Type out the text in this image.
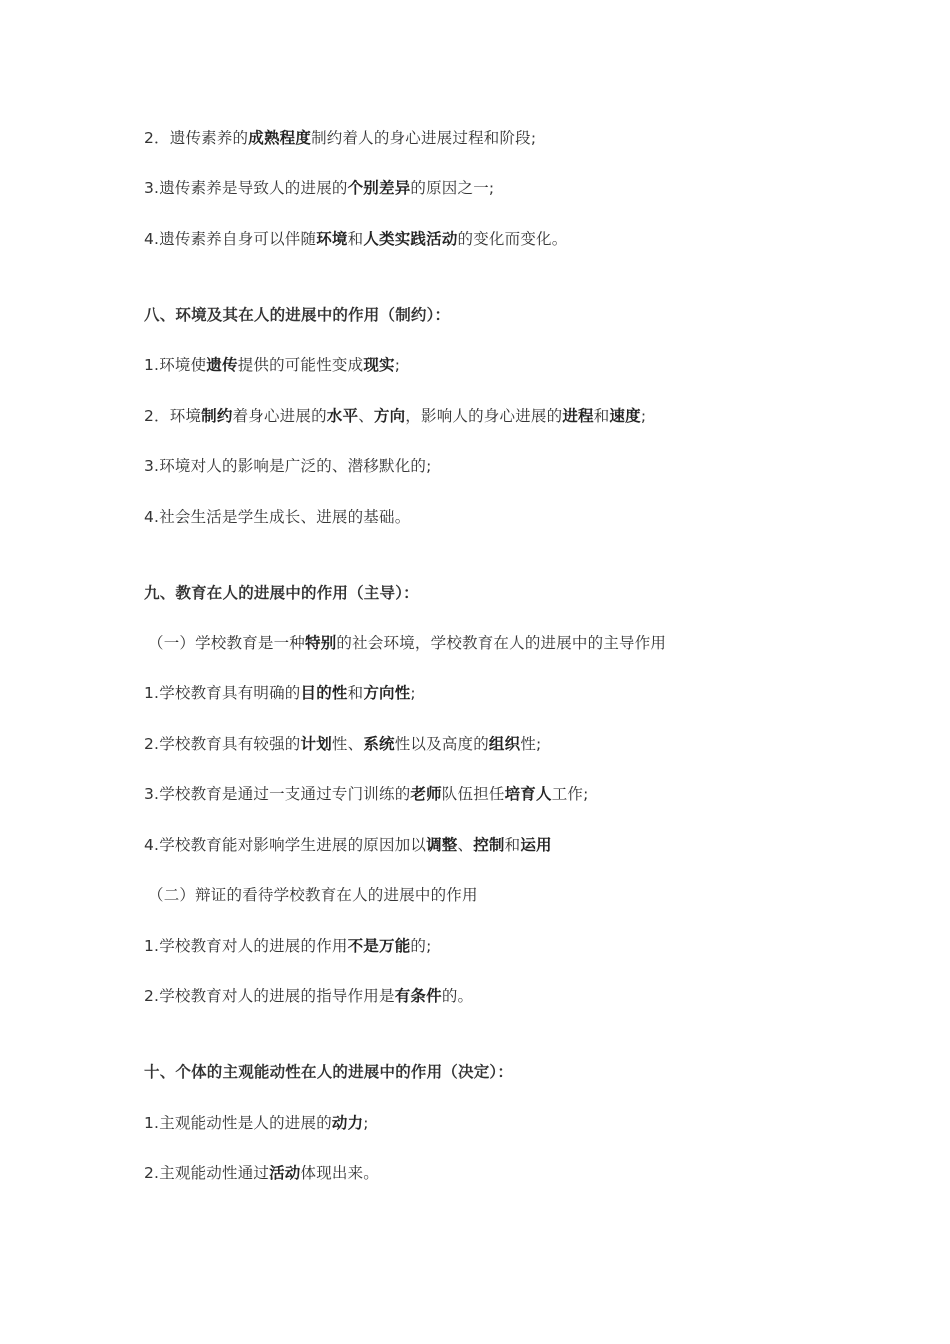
2．遗传素养的成熟程度制约着人的身心进展过程和阶段;
3.遗传素养是导致人的进展的个别差异的原因之一;
4.遗传素养自身可以伴随环境和人类实践活动的变化而变化。
八、环境及其在人的进展中的作用（制约）：
1.环境使遗传提供的可能性变成现实;
2．环境制约着身心进展的水平、方向，影响人的身心进展的进程和速度;
3.环境对人的影响是广泛的、潜移默化的;
4.社会生活是学生成长、进展的基础。
九、教育在人的进展中的作用（主导）：
（一）学校教育是一种特别的社会环境，学校教育在人的进展中的主导作用
1.学校教育具有明确的目的性和方向性;
2.学校教育具有较强的计划性、系统性以及高度的组织性;
3.学校教育是通过一支通过专门训练的老师队伍担任培育人工作;
4.学校教育能对影响学生进展的原因加以调整、控制和运用
（二）辩证的看待学校教育在人的进展中的作用
1.学校教育对人的进展的作用不是万能的;
2.学校教育对人的进展的指导作用是有条件的。
十、个体的主观能动性在人的进展中的作用（决定）：
1.主观能动性是人的进展的动力;
2.主观能动性通过活动体现出来。
